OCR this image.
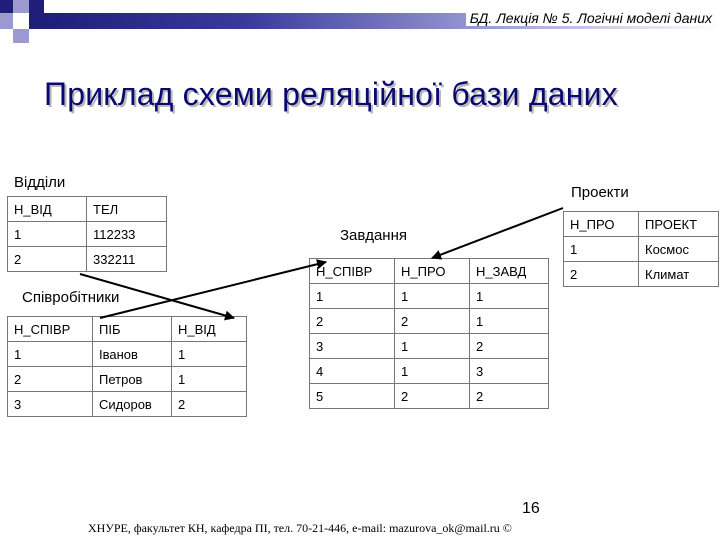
БД. Лекція № 5. Логічні моделі даних
Приклад схеми реляційної бази даних
Відділи
Н_ВІД	ТЕЛ
1	112233
2	332211
Співробітники
Н_СПІВР	ПІБ	Н_ВІД
1	Іванов	1
2	Петров	1
3	Сидоров	2
Завдання
Н_СПІВР	Н_ПРО	Н_ЗАВД
1	1	1
2	2	1
3	1	2
4	1	3
5	2	2
Проекти
Н_ПРО	ПРОЕКТ
1	Космос
2	Климат
16
ХНУРЕ, факультет КН, кафедра ПІ, тел. 70-21-446, e-mail: mazurova_ok@mail.ru ©
